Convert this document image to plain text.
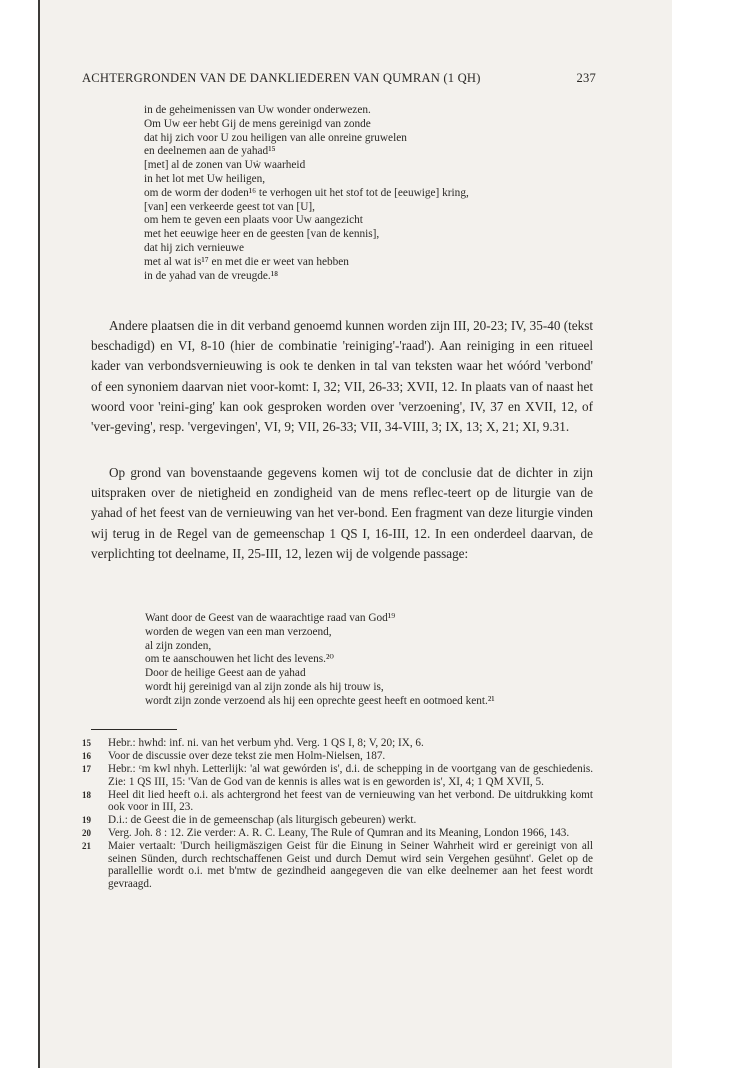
ACHTERGRONDEN VAN DE DANKLIEDEREN VAN QUMRAN (1 QH)	237
in de geheimenissen van Uw wonder onderwezen.
Om Uw eer hebt Gij de mens gereinigd van zonde
dat hij zich voor U zou heiligen van alle onreine gruwelen
en deelnemen aan de yahad¹⁵
[met] al de zonen van Uẇ waarheid
in het lot met Uw heiligen,
om de worm der doden¹⁶ te verhogen uit het stof tot de [eeuwige] kring,
[van] een verkeerde geest tot van [U],
om hem te geven een plaats voor Uw aangezicht
met het eeuwige heer en de geesten [van de kennis],
dat hij zich vernieuwe
met al wat is¹⁷ en met die er weet van hebben
in de yahad van de vreugde.¹⁸

Andere plaatsen die in dit verband genoemd kunnen worden zijn III, 20-23; IV, 35-40 (tekst beschadigd) en VI, 8-10 (hier de combinatie 'reiniging'-'raad'). Aan reiniging in een ritueel kader van verbondsvernieuwing is ook te denken in tal van teksten waar het wóórd 'verbond' of een synoniem daarvan niet voor-komt: I, 32; VII, 26-33; XVII, 12. In plaats van of naast het woord voor 'reini-ging' kan ook gesproken worden over 'verzoening', IV, 37 en XVII, 12, of 'ver-geving', resp. 'vergevingen', VI, 9; VII, 26-33; VII, 34-VIII, 3; IX, 13; X, 21; XI, 9.31.

Op grond van bovenstaande gegevens komen wij tot de conclusie dat de dichter in zijn uitspraken over de nietigheid en zondigheid van de mens reflec-teert op de liturgie van de yahad of het feest van de vernieuwing van het ver-bond. Een fragment van deze liturgie vinden wij terug in de Regel van de gemeenschap 1 QS I, 16-III, 12. In een onderdeel daarvan, de verplichting tot deelname, II, 25-III, 12, lezen wij de volgende passage:

Want door de Geest van de waarachtige raad van God¹⁹
worden de wegen van een man verzoend,
al zijn zonden,
om te aanschouwen het licht des levens.²⁰
Door de heilige Geest aan de yahad
wordt hij gereinigd van al zijn zonde als hij trouw is,
wordt zijn zonde verzoend als hij een oprechte geest heeft en ootmoed kent.²¹
15 Hebr.: hwhd: inf. ni. van het verbum yhd. Verg. 1 QS I, 8; V, 20; IX, 6.
16 Voor de discussie over deze tekst zie men Holm-Nielsen, 187.
17 Hebr.: ᶜm kwl nhyh. Letterlijk: 'al wat gewórden is', d.i. de schepping in de voortgang van de geschiedenis. Zie: 1 QS III, 15: 'Van de God van de kennis is alles wat is en geworden is', XI, 4; 1 QM XVII, 5.
18 Heel dit lied heeft o.i. als achtergrond het feest van de vernieuwing van het verbond. De uitdrukking komt ook voor in III, 23.
19 D.i.: de Geest die in de gemeenschap (als liturgisch gebeuren) werkt.
20 Verg. Joh. 8 : 12. Zie verder: A. R. C. Leany, The Rule of Qumran and its Meaning, London 1966, 143.
21 Maier vertaalt: 'Durch heiligmäszigen Geist für die Einung in Seiner Wahrheit wird er gereinigt von all seinen Sünden, durch rechtschaffenen Geist und durch Demut wird sein Vergehen gesühnt'. Gelet op de parallellie wordt o.i. met b'mtw de gezindheid aangegeven die van elke deelnemer aan het feest wordt gevraagd.
